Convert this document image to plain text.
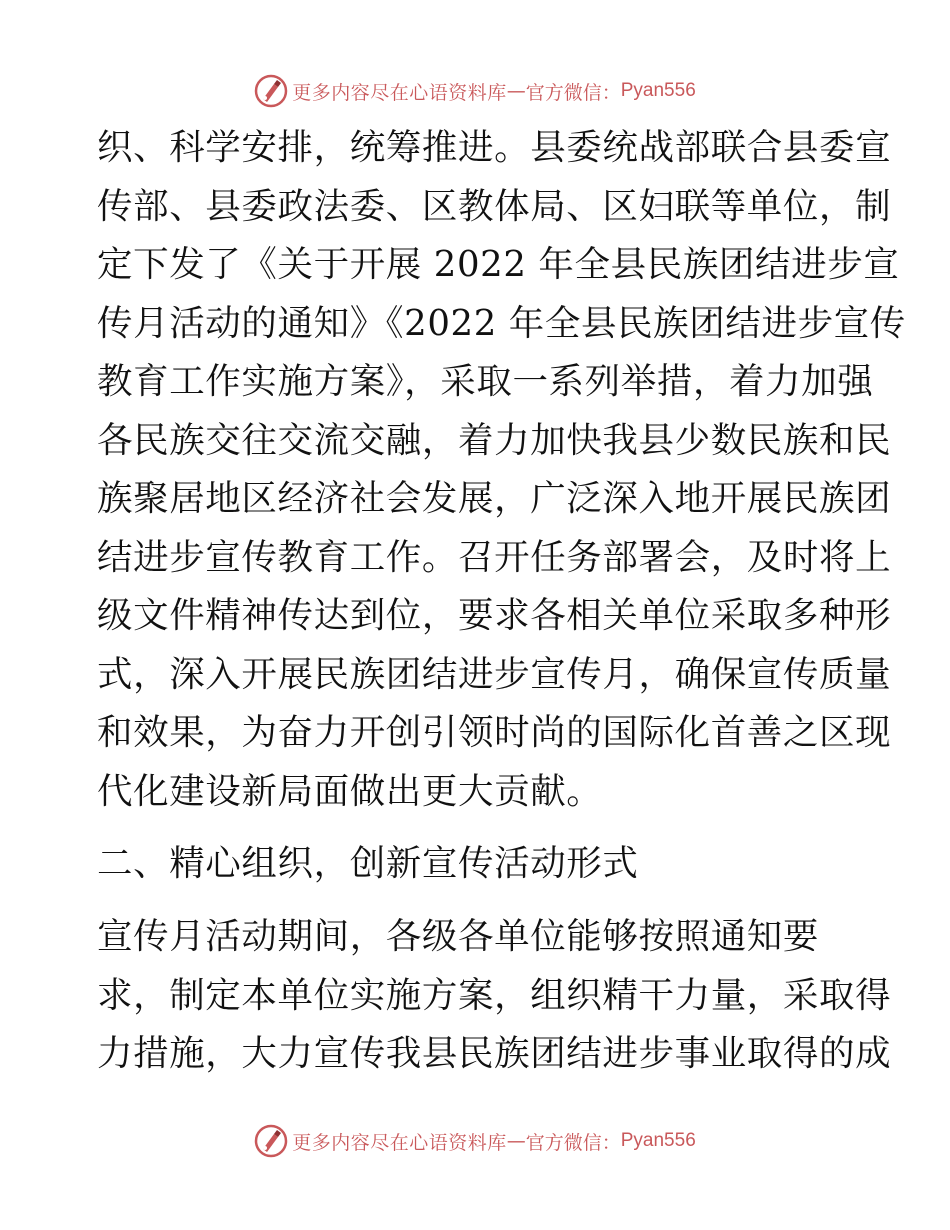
更多内容尽在心语资料库 — 官方微信： Pyan556
织、科学安排，统筹推进。县委统战部联合县委宣
传部、县委政法委、区教体局、区妇联等单位，制
定下发了《关于开展 2022 年全县民族团结进步宣
传月活动的通知》《2022 年全县民族团结进步宣传
教育工作实施方案》，采取一系列举措，着力加强
各民族交往交流交融，着力加快我县少数民族和民
族聚居地区经济社会发展，广泛深入地开展民族团
结进步宣传教育工作。召开任务部署会，及时将上
级文件精神传达到位，要求各相关单位采取多种形
式，深入开展民族团结进步宣传月，确保宣传质量
和效果，为奋力开创引领时尚的国际化首善之区现
代化建设新局面做出更大贡献。
二、精心组织，创新宣传活动形式
宣传月活动期间，各级各单位能够按照通知要
求，制定本单位实施方案，组织精干力量，采取得
力措施，大力宣传我县民族团结进步事业取得的成
更多内容尽在心语资料库 — 官方微信： Pyan556
